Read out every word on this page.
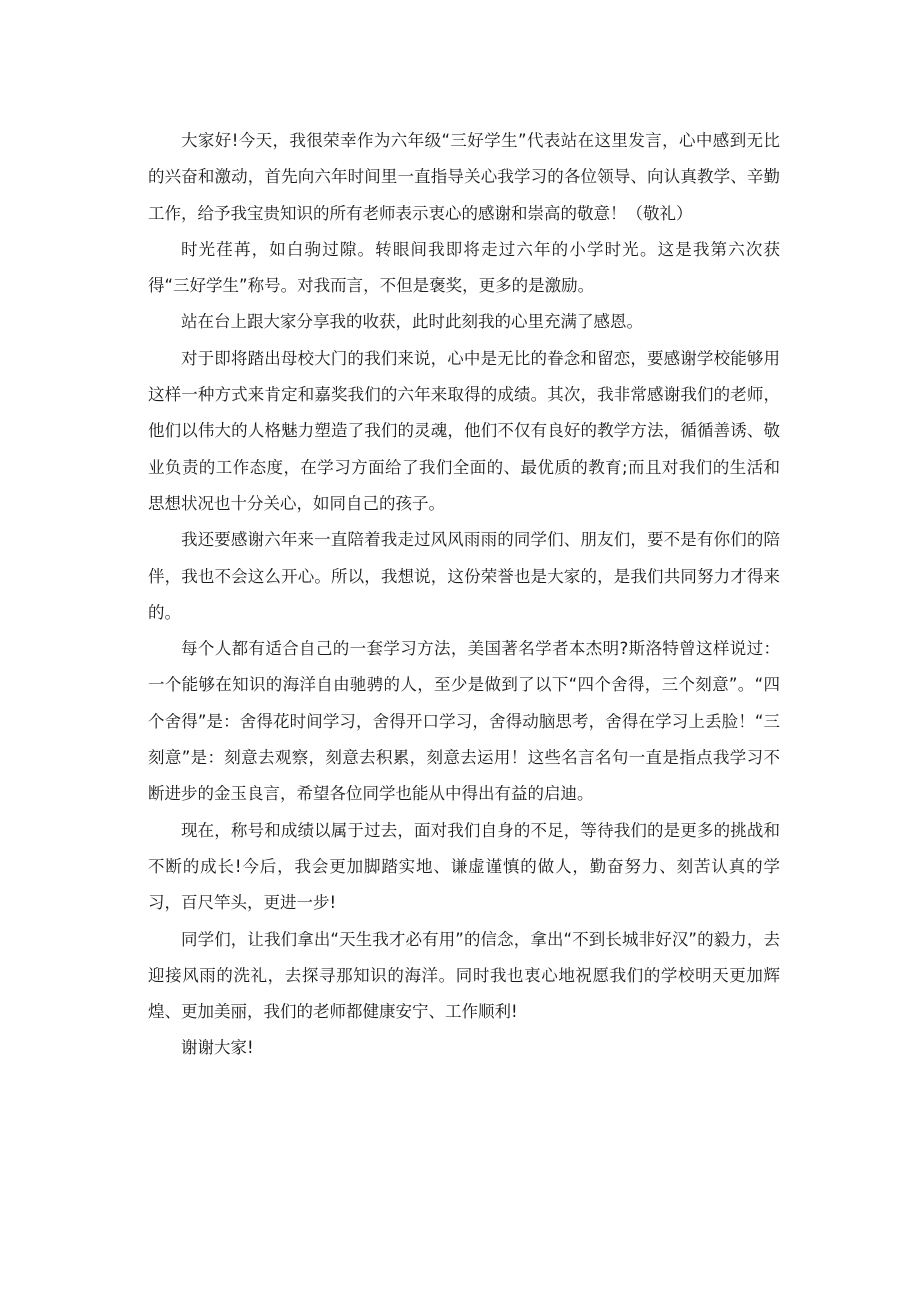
大家好!今天，我很荣幸作为六年级“三好学生”代表站在这里发言，心中感到无比的兴奋和激动，首先向六年时间里一直指导关心我学习的各位领导、向认真教学、辛勤工作，给予我宝贵知识的所有老师表示衷心的感谢和崇高的敬意！（敬礼）

时光荏苒，如白驹过隙。转眼间我即将走过六年的小学时光。这是我第六次获得“三好学生”称号。对我而言，不但是褒奖，更多的是激励。

站在台上跟大家分享我的收获，此时此刻我的心里充满了感恩。

对于即将踏出母校大门的我们来说，心中是无比的眷念和留恋，要感谢学校能够用这样一种方式来肯定和嘉奖我们的六年来取得的成绩。其次，我非常感谢我们的老师，他们以伟大的人格魅力塑造了我们的灵魂，他们不仅有良好的教学方法，循循善诱、敬业负责的工作态度，在学习方面给了我们全面的、最优质的教育;而且对我们的生活和思想状况也十分关心，如同自己的孩子。

我还要感谢六年来一直陪着我走过风风雨雨的同学们、朋友们，要不是有你们的陪伴，我也不会这么开心。所以，我想说，这份荣誉也是大家的，是我们共同努力才得来的。

每个人都有适合自己的一套学习方法，美国著名学者本杰明?斯洛特曾这样说过：一个能够在知识的海洋自由驰骋的人，至少是做到了以下“四个舍得，三个刻意”。“四个舍得”是：舍得花时间学习，舍得开口学习，舍得动脑思考，舍得在学习上丢脸！“三刻意”是：刻意去观察，刻意去积累，刻意去运用！这些名言名句一直是指点我学习不断进步的金玉良言，希望各位同学也能从中得出有益的启迪。

现在，称号和成绩以属于过去，面对我们自身的不足，等待我们的是更多的挑战和不断的成长!今后，我会更加脚踏实地、谦虚谨慎的做人，勤奋努力、刻苦认真的学习，百尺竿头，更进一步!

同学们，让我们拿出“天生我才必有用”的信念，拿出“不到长城非好汉”的毅力，去迎接风雨的洗礼，去探寻那知识的海洋。同时我也衷心地祝愿我们的学校明天更加辉煌、更加美丽，我们的老师都健康安宁、工作顺利!

谢谢大家!
